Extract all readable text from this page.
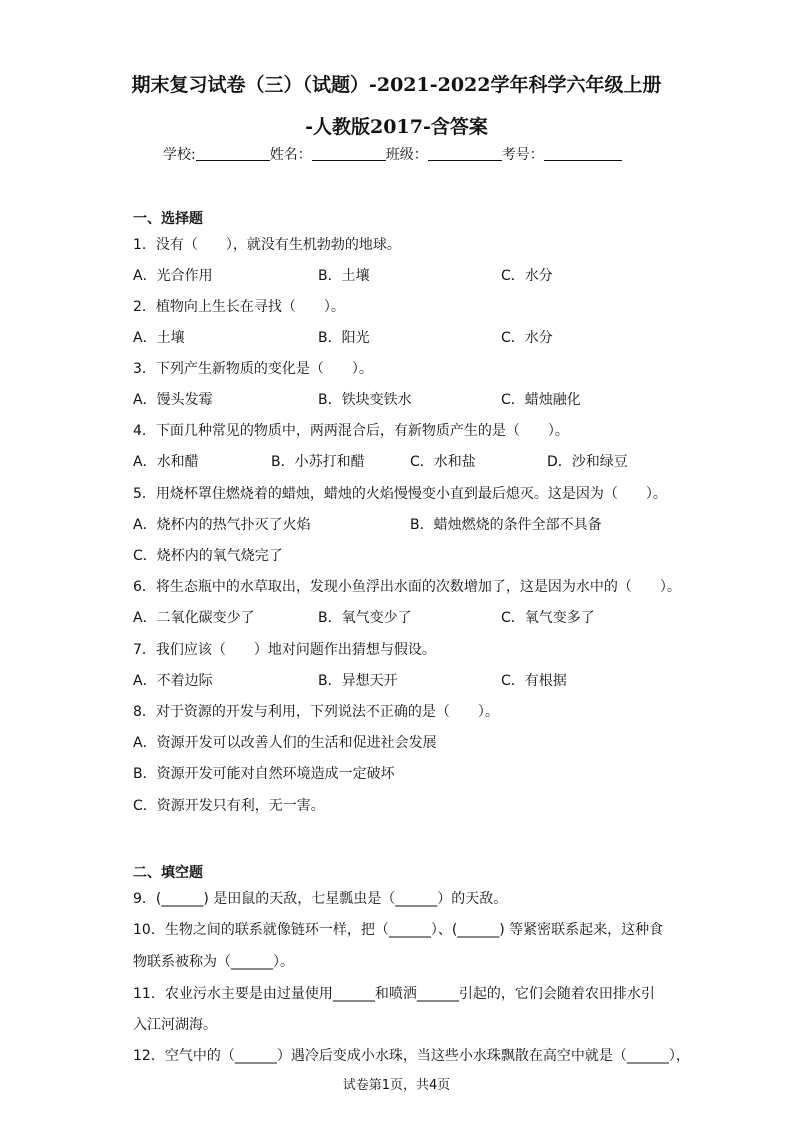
期末复习试卷（三）（试题）-2021-2022学年科学六年级上册
-人教版2017-含答案
学校:	姓名：	班级：	考号：
一、选择题
1．没有（　　），就没有生机勃勃的地球。
A．光合作用	B．土壤	C．水分
2．植物向上生长在寻找（　　）。
A．土壤	B．阳光	C．水分
3．下列产生新物质的变化是（　　）。
A．馒头发霉	B．铁块变铁水	C．蜡烛融化
4．下面几种常见的物质中，两两混合后，有新物质产生的是（　　）。
A．水和醋	B．小苏打和醋	C．水和盐	D．沙和绿豆
5．用烧杯罩住燃烧着的蜡烛，蜡烛的火焰慢慢变小直到最后熄灭。这是因为（　　）。
A．烧杯内的热气扑灭了火焰	B．蜡烛燃烧的条件全部不具备
C．烧杯内的氧气烧完了
6．将生态瓶中的水草取出，发现小鱼浮出水面的次数增加了，这是因为水中的（　　）。
A．二氧化碳变少了	B．氧气变少了	C．氧气变多了
7．我们应该（　　）地对问题作出猜想与假设。
A．不着边际	B．异想天开	C．有根据
8．对于资源的开发与利用，下列说法不正确的是（　　）。
A．资源开发可以改善人们的生活和促进社会发展
B．资源开发可能对自然环境造成一定破坏
C．资源开发只有利，无一害。
二、填空题
9．(______) 是田鼠的天敌，七星瓢虫是（______）的天敌。
10．生物之间的联系就像链环一样，把（______）、(______) 等紧密联系起来，这种食
物联系被称为（______）。
11．农业污水主要是由过量使用______和喷洒______引起的，它们会随着农田排水引
入江河湖海。
12．空气中的（______）遇冷后变成小水珠，当这些小水珠飘散在高空中就是（______），
试卷第1页，共4页
